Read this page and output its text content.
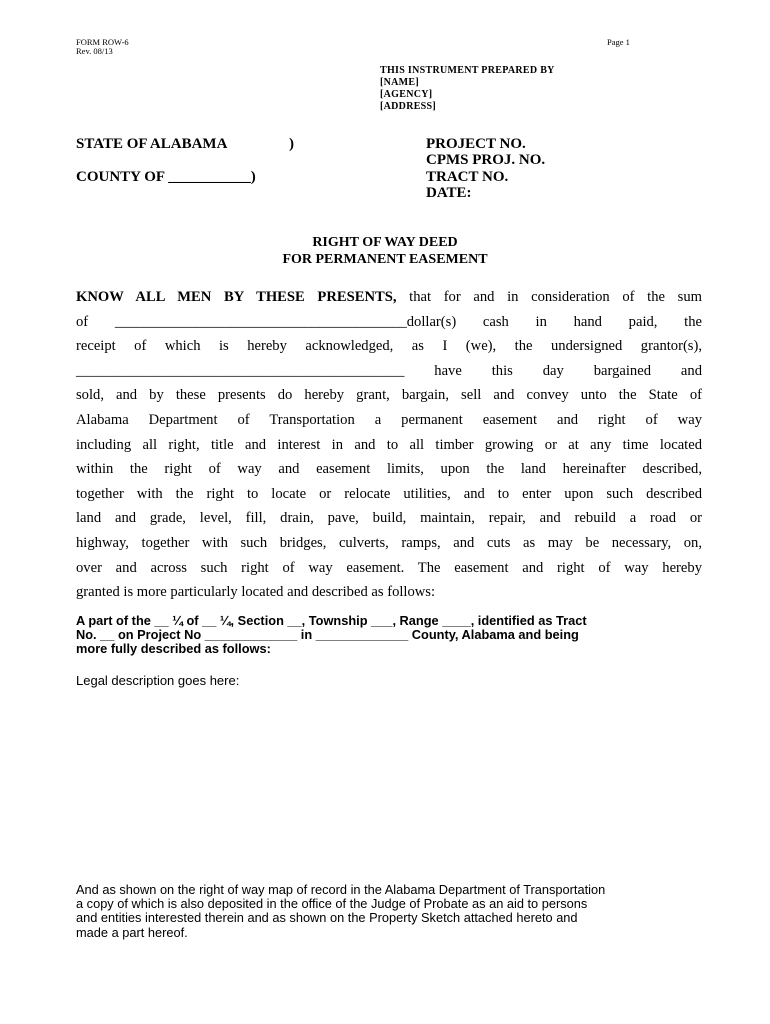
FORM ROW-6
Rev. 08/13
Page 1
THIS INSTRUMENT PREPARED BY
[NAME]
[AGENCY]
[ADDRESS]
STATE OF ALABAMA	)
COUNTY OF ___________)
PROJECT NO.
CPMS PROJ. NO.
TRACT NO.
DATE:
RIGHT OF WAY DEED
FOR PERMANENT EASEMENT
KNOW ALL MEN BY THESE PRESENTS, that for and in consideration of the sum
of ________________________________________dollar(s) cash in hand paid, the
receipt of which is hereby acknowledged, as I (we), the undersigned grantor(s),
_____________________________________________ have this day bargained and
sold, and by these presents do hereby grant, bargain, sell and convey unto the State of
Alabama Department of Transportation a permanent easement and right of way
including all right, title and interest in and to all timber growing or at any time located
within the right of way and easement limits, upon the land hereinafter described,
together with the right to locate or relocate utilities, and to enter upon such described
land and grade, level, fill, drain, pave, build, maintain, repair, and rebuild a road or
highway, together with such bridges, culverts, ramps, and cuts as may be necessary, on,
over and across such right of way easement. The easement and right of way hereby
granted is more particularly located and described as follows:
A part of the __ ¼ of __ ¼, Section __, Township ___, Range ____, identified as Tract
No. __ on Project No _____________ in _____________ County, Alabama and being
more fully described as follows:
Legal description goes here:
And as shown on the right of way map of record in the Alabama Department of Transportation
a copy of which is also deposited in the office of the Judge of Probate as an aid to persons
and entities interested therein and as shown on the Property Sketch attached hereto and
made a part hereof.
